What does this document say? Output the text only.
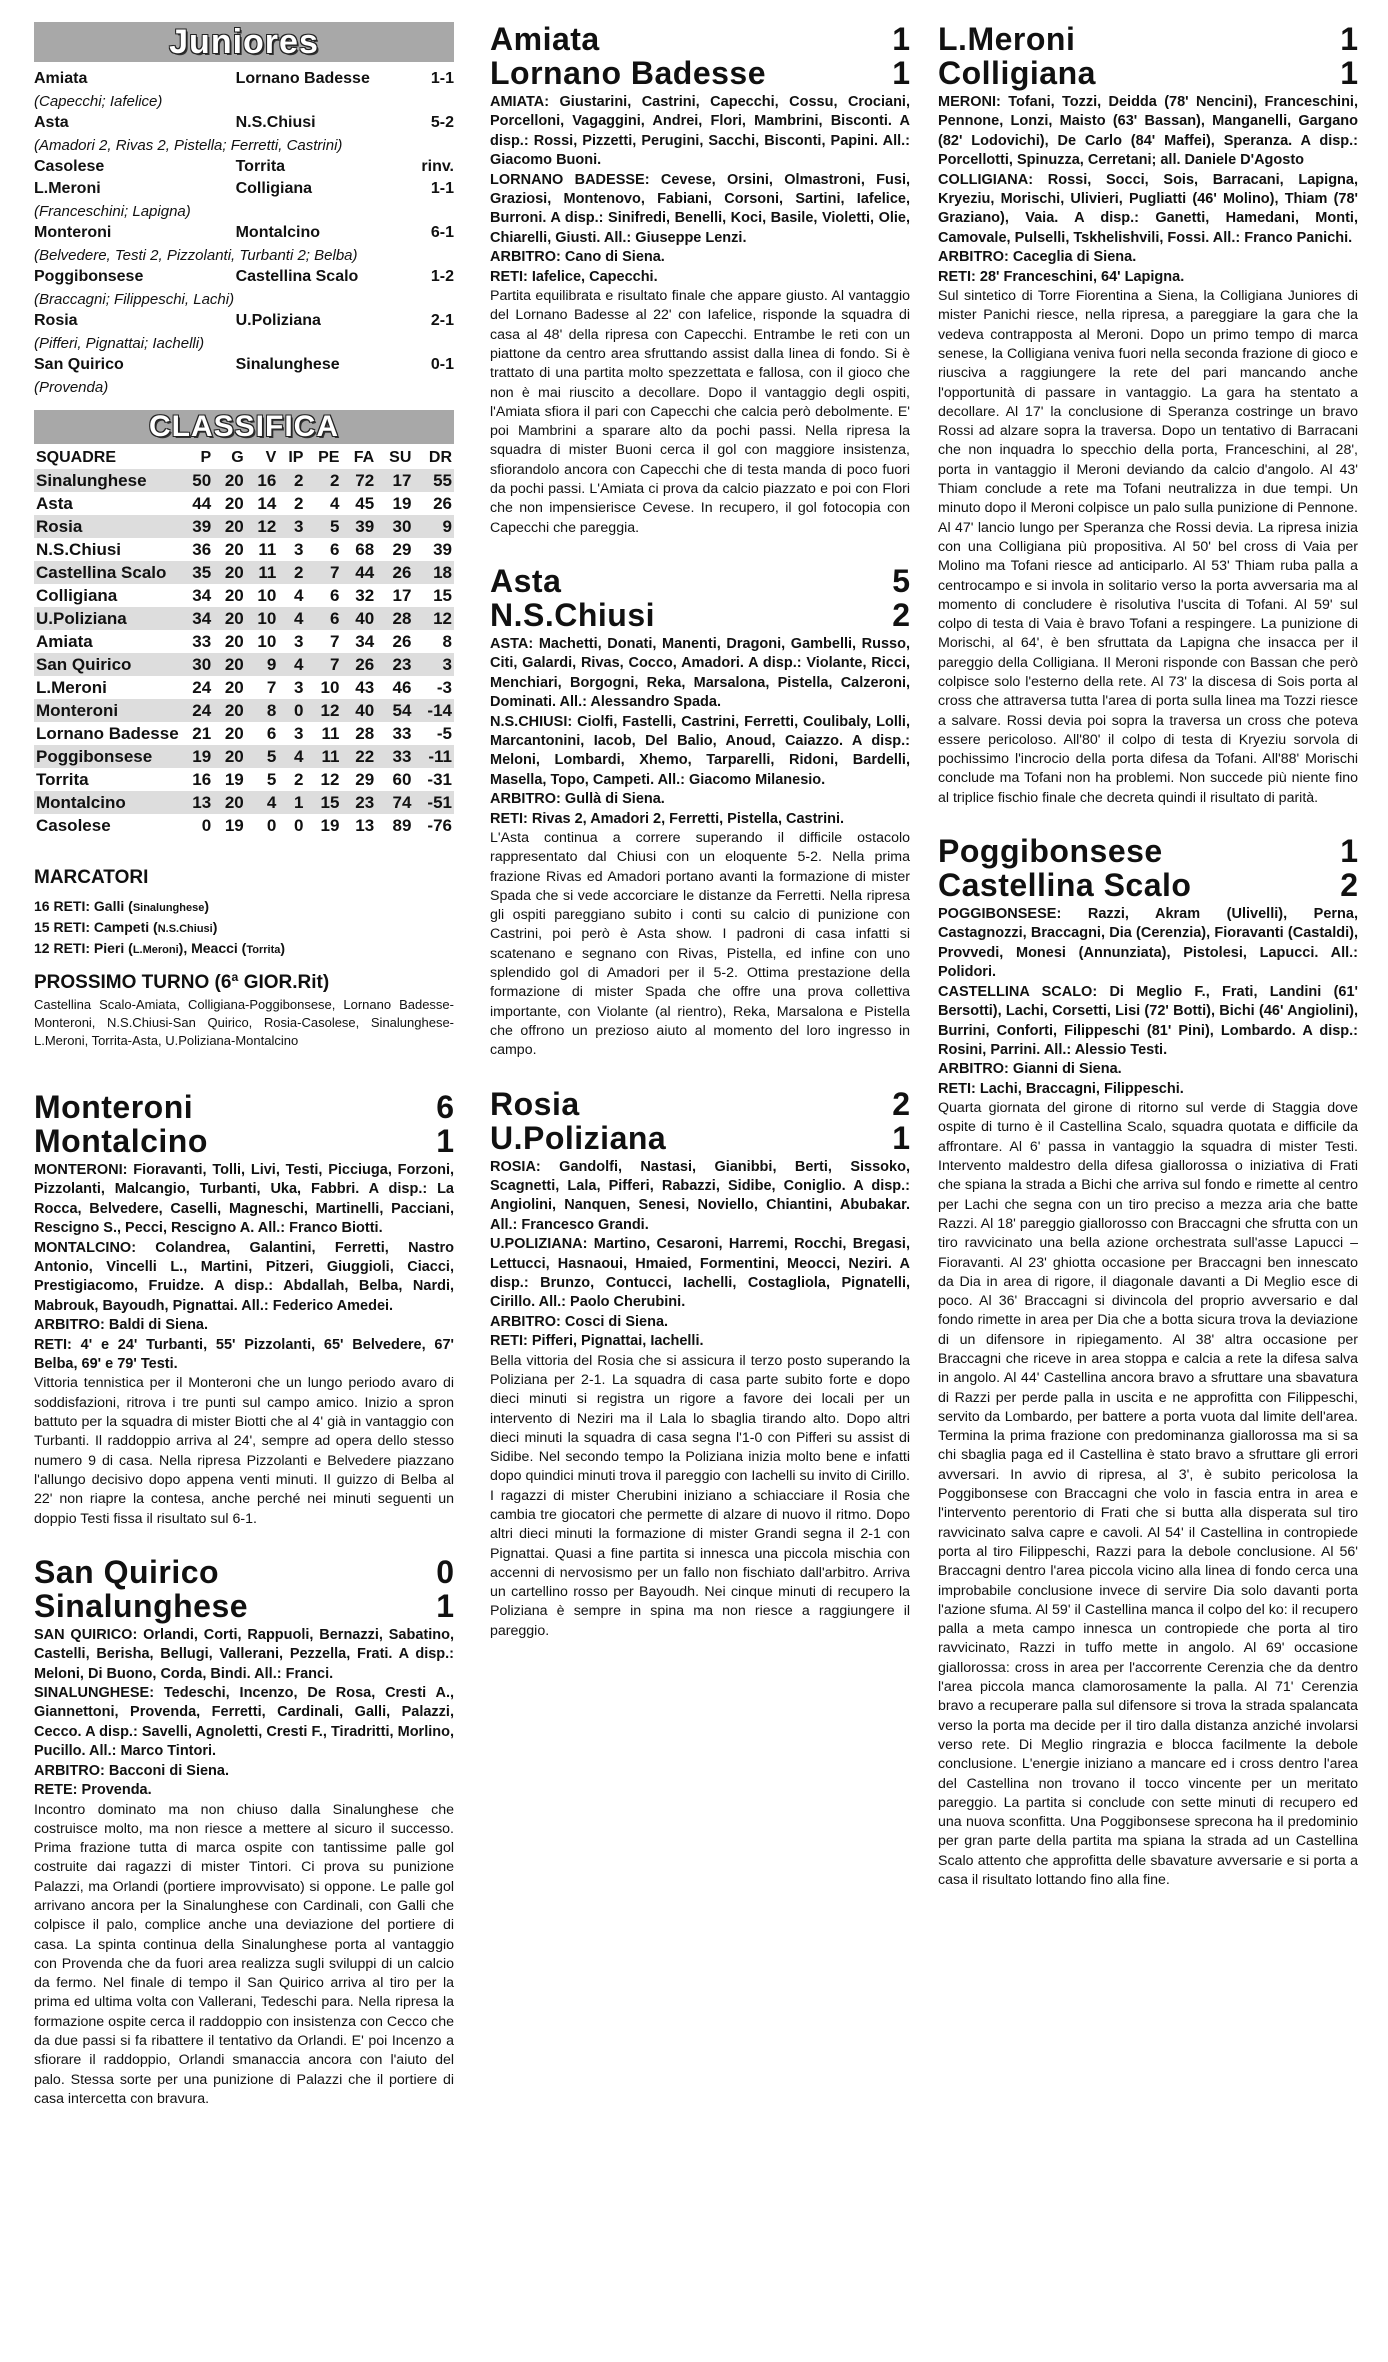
Juniores
Amiata	Lornano Badesse	1-1
(Capecchi; Iafelice)		
Asta	N.S.Chiusi	5-2
(Amadori 2, Rivas 2, Pistella; Ferretti, Castrini)		
Casolese	Torrita	rinv.
L.Meroni	Colligiana	1-1
(Franceschini; Lapigna)		
Monteroni	Montalcino	6-1
(Belvedere, Testi 2, Pizzolanti, Turbanti 2; Belba)		
Poggibonsese	Castellina Scalo	1-2
(Braccagni; Filippeschi, Lachi)		
Rosia	U.Poliziana	2-1
(Pifferi, Pignattai; Iachelli)		
San Quirico	Sinalunghese	0-1
(Provenda)		
CLASSIFICA
SQUADRE	P	G	V	IP	PE	FA	SU	DR
Sinalunghese	50	20	16	2	2	72	17	55
Asta	44	20	14	2	4	45	19	26
Rosia	39	20	12	3	5	39	30	9
N.S.Chiusi	36	20	11	3	6	68	29	39
Castellina Scalo	35	20	11	2	7	44	26	18
Colligiana	34	20	10	4	6	32	17	15
U.Poliziana	34	20	10	4	6	40	28	12
Amiata	33	20	10	3	7	34	26	8
San Quirico	30	20	9	4	7	26	23	3
L.Meroni	24	20	7	3	10	43	46	-3
Monteroni	24	20	8	0	12	40	54	-14
Lornano Badesse	21	20	6	3	11	28	33	-5
Poggibonsese	19	20	5	4	11	22	33	-11
Torrita	16	19	5	2	12	29	60	-31
Montalcino	13	20	4	1	15	23	74	-51
Casolese	0	19	0	0	19	13	89	-76
MARCATORI
16 RETI: Galli (Sinalunghese)
15 RETI: Campeti (N.S.Chiusi)
12 RETI: Pieri (L.Meroni), Meacci (Torrita)
PROSSIMO TURNO (6ª GIOR.Rit)
Castellina Scalo-Amiata, Colligiana-Poggibonsese, Lornano Badesse-Monteroni, N.S.Chiusi-San Quirico, Rosia-Casolese, Sinalunghese-L.Meroni, Torrita-Asta, U.Poliziana-Montalcino
Monteroni	6
Montalcino	1

MONTERONI: Fioravanti, Tolli, Livi, Testi, Picciuga, Forzoni, Pizzolanti, Malcangio, Turbanti, Uka, Fabbri. A disp.: La Rocca, Belvedere, Caselli, Magneschi, Martinelli, Pacciani, Rescigno S., Pecci, Rescigno A. All.: Franco Biotti.

MONTALCINO: Colandrea, Galantini, Ferretti, Nastro Antonio, Vincelli L., Martini, Pitzeri, Giuggioli, Ciacci, Prestigiacomo, Fruidze. A disp.: Abdallah, Belba, Nardi, Mabrouk, Bayoudh, Pignattai. All.: Federico Amedei.

ARBITRO: Baldi di Siena.

RETI: 4' e 24' Turbanti, 55' Pizzolanti, 65' Belvedere, 67' Belba, 69' e 79' Testi.

Vittoria tennistica per il Monteroni che un lungo periodo avaro di soddisfazioni, ritrova i tre punti sul campo amico. Inizio a spron battuto per la squadra di mister Biotti che al 4' già in vantaggio con Turbanti. Il raddoppio arriva al 24', sempre ad opera dello stesso numero 9 di casa. Nella ripresa Pizzolanti e Belvedere piazzano l'allungo decisivo dopo appena venti minuti. Il guizzo di Belba al 22' non riapre la contesa, anche perché nei minuti seguenti un doppio Testi fissa il risultato sul 6-1.
San Quirico	0
Sinalunghese	1

SAN QUIRICO: Orlandi, Corti, Rappuoli, Bernazzi, Sabatino, Castelli, Berisha, Bellugi, Vallerani, Pezzella, Frati. A disp.: Meloni, Di Buono, Corda, Bindi. All.: Franci.

SINALUNGHESE: Tedeschi, Incenzo, De Rosa, Cresti A., Giannettoni, Provenda, Ferretti, Cardinali, Galli, Palazzi, Cecco. A disp.: Savelli, Agnoletti, Cresti F., Tiradritti, Morlino, Pucillo. All.: Marco Tintori.

ARBITRO: Bacconi di Siena.

RETE: Provenda.

Incontro dominato ma non chiuso dalla Sinalunghese che costruisce molto, ma non riesce a mettere al sicuro il successo. Prima frazione tutta di marca ospite con tantissime palle gol costruite dai ragazzi di mister Tintori. Ci prova su punizione Palazzi, ma Orlandi (portiere improvvisato) si oppone. Le palle gol arrivano ancora per la Sinalunghese con Cardinali, con Galli che colpisce il palo, complice anche una deviazione del portiere di casa. La spinta continua della Sinalunghese porta al vantaggio con Provenda che da fuori area realizza sugli sviluppi di un calcio da fermo. Nel finale di tempo il San Quirico arriva al tiro per la prima ed ultima volta con Vallerani, Tedeschi para. Nella ripresa la formazione ospite cerca il raddoppio con insistenza con Cecco che da due passi si fa ribattere il tentativo da Orlandi. E' poi Incenzo a sfiorare il raddoppio, Orlandi smanaccia ancora con l'aiuto del palo. Stessa sorte per una punizione di Palazzi che il portiere di casa intercetta con bravura.
Amiata	1
Lornano Badesse	1

AMIATA: Giustarini, Castrini, Capecchi, Cossu, Crociani, Porcelloni, Vagaggini, Andrei, Flori, Mambrini, Bisconti. A disp.: Rossi, Pizzetti, Perugini, Sacchi, Bisconti, Papini. All.: Giacomo Buoni.

LORNANO BADESSE: Cevese, Orsini, Olmastroni, Fusi, Graziosi, Montenovo, Fabiani, Corsoni, Sartini, Iafelice, Burroni. A disp.: Sinifredi, Benelli, Koci, Basile, Violetti, Olie, Chiarelli, Giusti. All.: Giuseppe Lenzi.

ARBITRO: Cano di Siena.

RETI: Iafelice, Capecchi.

Partita equilibrata e risultato finale che appare giusto. Al vantaggio del Lornano Badesse al 22' con Iafelice, risponde la squadra di casa al 48' della ripresa con Capecchi. Entrambe le reti con un piattone da centro area sfruttando assist dalla linea di fondo. Si è trattato di una partita molto spezzettata e fallosa, con il gioco che non è mai riuscito a decollare. Dopo il vantaggio degli ospiti, l'Amiata sfiora il pari con Capecchi che calcia però debolmente. E' poi Mambrini a sparare alto da pochi passi. Nella ripresa la squadra di mister Buoni cerca il gol con maggiore insistenza, sfiorandolo ancora con Capecchi che di testa manda di poco fuori da pochi passi. L'Amiata ci prova da calcio piazzato e poi con Flori che non impensierisce Cevese. In recupero, il gol fotocopia con Capecchi che pareggia.
Asta	5
N.S.Chiusi	2

ASTA: Machetti, Donati, Manenti, Dragoni, Gambelli, Russo, Citi, Galardi, Rivas, Cocco, Amadori. A disp.: Violante, Ricci, Menchiari, Borgogni, Reka, Marsalona, Pistella, Calzeroni, Dominati. All.: Alessandro Spada.

N.S.CHIUSI: Ciolfi, Fastelli, Castrini, Ferretti, Coulibaly, Lolli, Marcantonini, Iacob, Del Balio, Anoud, Caiazzo. A disp.: Meloni, Lombardi, Xhemo, Tarparelli, Ridoni, Bardelli, Masella, Topo, Campeti. All.: Giacomo Milanesio.

ARBITRO: Gullà di Siena.

RETI: Rivas 2, Amadori 2, Ferretti, Pistella, Castrini.

L'Asta continua a correre superando il difficile ostacolo rappresentato dal Chiusi con un eloquente 5-2. Nella prima frazione Rivas ed Amadori portano avanti la formazione di mister Spada che si vede accorciare le distanze da Ferretti. Nella ripresa gli ospiti pareggiano subito i conti su calcio di punizione con Castrini, poi però è Asta show. I padroni di casa infatti si scatenano e segnano con Rivas, Pistella, ed infine con uno splendido gol di Amadori per il 5-2. Ottima prestazione della formazione di mister Spada che offre una prova collettiva importante, con Violante (al rientro), Reka, Marsalona e Pistella che offrono un prezioso aiuto al momento del loro ingresso in campo.
Rosia	2
U.Poliziana	1

ROSIA: Gandolfi, Nastasi, Gianibbi, Berti, Sissoko, Scagnetti, Lala, Pifferi, Rabazzi, Sidibe, Coniglio. A disp.: Angiolini, Nanquen, Senesi, Noviello, Chiantini, Abubakar. All.: Francesco Grandi.

U.POLIZIANA: Martino, Cesaroni, Harremi, Rocchi, Bregasi, Lettucci, Hasnaoui, Hmaied, Formentini, Meocci, Neziri. A disp.: Brunzo, Contucci, Iachelli, Costagliola, Pignatelli, Cirillo. All.: Paolo Cherubini.

ARBITRO: Cosci di Siena.

RETI: Pifferi, Pignattai, Iachelli.

Bella vittoria del Rosia che si assicura il terzo posto superando la Poliziana per 2-1. La squadra di casa parte subito forte e dopo dieci minuti si registra un rigore a favore dei locali per un intervento di Neziri ma il Lala lo sbaglia tirando alto. Dopo altri dieci minuti la squadra di casa segna l'1-0 con Pifferi su assist di Sidibe. Nel secondo tempo la Poliziana inizia molto bene e infatti dopo quindici minuti trova il pareggio con Iachelli su invito di Cirillo. I ragazzi di mister Cherubini iniziano a schiacciare il Rosia che cambia tre giocatori che permette di alzare di nuovo il ritmo. Dopo altri dieci minuti la formazione di mister Grandi segna il 2-1 con Pignattai. Quasi a fine partita si innesca una piccola mischia con accenni di nervosismo per un fallo non fischiato dall'arbitro. Arriva un cartellino rosso per Bayoudh. Nei cinque minuti di recupero la Poliziana è sempre in spina ma non riesce a raggiungere il pareggio.
L.Meroni	1
Colligiana	1

MERONI: Tofani, Tozzi, Deidda (78' Nencini), Franceschini, Pennone, Lonzi, Maisto (63' Bassan), Manganelli, Gargano (82' Lodovichi), De Carlo (84' Maffei), Speranza. A disp.: Porcellotti, Spinuzza, Cerretani; all. Daniele D'Agosto

COLLIGIANA: Rossi, Socci, Sois, Barracani, Lapigna, Kryeziu, Morischi, Ulivieri, Pugliatti (46' Molino), Thiam (78' Graziano), Vaia. A disp.: Ganetti, Hamedani, Monti, Camovale, Pulselli, Tskhelishvili, Fossi. All.: Franco Panichi.

ARBITRO: Caceglia di Siena.

RETI: 28' Franceschini, 64' Lapigna.

Sul sintetico di Torre Fiorentina a Siena, la Colligiana Juniores di mister Panichi riesce, nella ripresa, a pareggiare la gara che la vedeva contrapposta al Meroni. Dopo un primo tempo di marca senese, la Colligiana veniva fuori nella seconda frazione di gioco e riusciva a raggiungere la rete del pari mancando anche l'opportunità di passare in vantaggio. La gara ha stentato a decollare. Al 17' la conclusione di Speranza costringe un bravo Rossi ad alzare sopra la traversa. Dopo un tentativo di Barracani che non inquadra lo specchio della porta, Franceschini, al 28', porta in vantaggio il Meroni deviando da calcio d'angolo. Al 43' Thiam conclude a rete ma Tofani neutralizza in due tempi. Un minuto dopo il Meroni colpisce un palo sulla punizione di Pennone. Al 47' lancio lungo per Speranza che Rossi devia. La ripresa inizia con una Colligiana più propositiva. Al 50' bel cross di Vaia per Molino ma Tofani riesce ad anticiparlo. Al 53' Thiam ruba palla a centrocampo e si invola in solitario verso la porta avversaria ma al momento di concludere è risolutiva l'uscita di Tofani. Al 59' sul colpo di testa di Vaia è bravo Tofani a respingere. La punizione di Morischi, al 64', è ben sfruttata da Lapigna che insacca per il pareggio della Colligiana. Il Meroni risponde con Bassan che però colpisce solo l'esterno della rete. Al 73' la discesa di Sois porta al cross che attraversa tutta l'area di porta sulla linea ma Tozzi riesce a salvare. Rossi devia poi sopra la traversa un cross che poteva essere pericoloso. All'80' il colpo di testa di Kryeziu sorvola di pochissimo l'incrocio della porta difesa da Tofani. All'88' Morischi conclude ma Tofani non ha problemi. Non succede più niente fino al triplice fischio finale che decreta quindi il risultato di parità.
Poggibonsese	1
Castellina Scalo	2

POGGIBONSESE: Razzi, Akram (Ulivelli), Perna, Castagnozzi, Braccagni, Dia (Cerenzia), Fioravanti (Castaldi), Provvedi, Monesi (Annunziata), Pistolesi, Lapucci. All.: Polidori.

CASTELLINA SCALO: Di Meglio F., Frati, Landini (61' Bersotti), Lachi, Corsetti, Lisi (72' Botti), Bichi (46' Angiolini), Burrini, Conforti, Filippeschi (81' Pini), Lombardo. A disp.: Rosini, Parrini. All.: Alessio Testi.

ARBITRO: Gianni di Siena.

RETI: Lachi, Braccagni, Filippeschi.

Quarta giornata del girone di ritorno sul verde di Staggia dove ospite di turno è il Castellina Scalo, squadra quotata e difficile da affrontare. Al 6' passa in vantaggio la squadra di mister Testi. Intervento maldestro della difesa giallorossa o iniziativa di Frati che spiana la strada a Bichi che arriva sul fondo e rimette al centro per Lachi che segna con un tiro preciso a mezza aria che batte Razzi. Al 18' pareggio giallorosso con Braccagni che sfrutta con un tiro ravvicinato una bella azione orchestrata sull'asse Lapucci – Fioravanti. Al 23' ghiotta occasione per Braccagni ben innescato da Dia in area di rigore, il diagonale davanti a Di Meglio esce di poco. Al 36' Braccagni si divincola del proprio avversario e dal fondo rimette in area per Dia che a botta sicura trova la deviazione di un difensore in ripiegamento. Al 38' altra occasione per Braccagni che riceve in area stoppa e calcia a rete la difesa salva in angolo. Al 44' Castellina ancora bravo a sfruttare una sbavatura di Razzi per perde palla in uscita e ne approfitta con Filippeschi, servito da Lombardo, per battere a porta vuota dal limite dell'area. Termina la prima frazione con predominanza giallorossa ma si sa chi sbaglia paga ed il Castellina è stato bravo a sfruttare gli errori avversari. In avvio di ripresa, al 3', è subito pericolosa la Poggibonsese con Braccagni che volo in fascia entra in area e l'intervento perentorio di Frati che si butta alla disperata sul tiro ravvicinato salva capre e cavoli. Al 54' il Castellina in contropiede porta al tiro Filippeschi, Razzi para la debole conclusione. Al 56' Braccagni dentro l'area piccola vicino alla linea di fondo cerca una improbabile conclusione invece di servire Dia solo davanti porta l'azione sfuma. Al 59' il Castellina manca il colpo del ko: il recupero palla a meta campo innesca un contropiede che porta al tiro ravvicinato, Razzi in tuffo mette in angolo. Al 69' occasione giallorossa: cross in area per l'accorrente Cerenzia che da dentro l'area piccola manca clamorosamente la palla. Al 71' Cerenzia bravo a recuperare palla sul difensore si trova la strada spalancata verso la porta ma decide per il tiro dalla distanza anziché involarsi verso rete. Di Meglio ringrazia e blocca facilmente la debole conclusione. L'energie iniziano a mancare ed i cross dentro l'area del Castellina non trovano il tocco vincente per un meritato pareggio. La partita si conclude con sette minuti di recupero ed una nuova sconfitta. Una Poggibonsese sprecona ha il predominio per gran parte della partita ma spiana la strada ad un Castellina Scalo attento che approfitta delle sbavature avversarie e si porta a casa il risultato lottando fino alla fine.
